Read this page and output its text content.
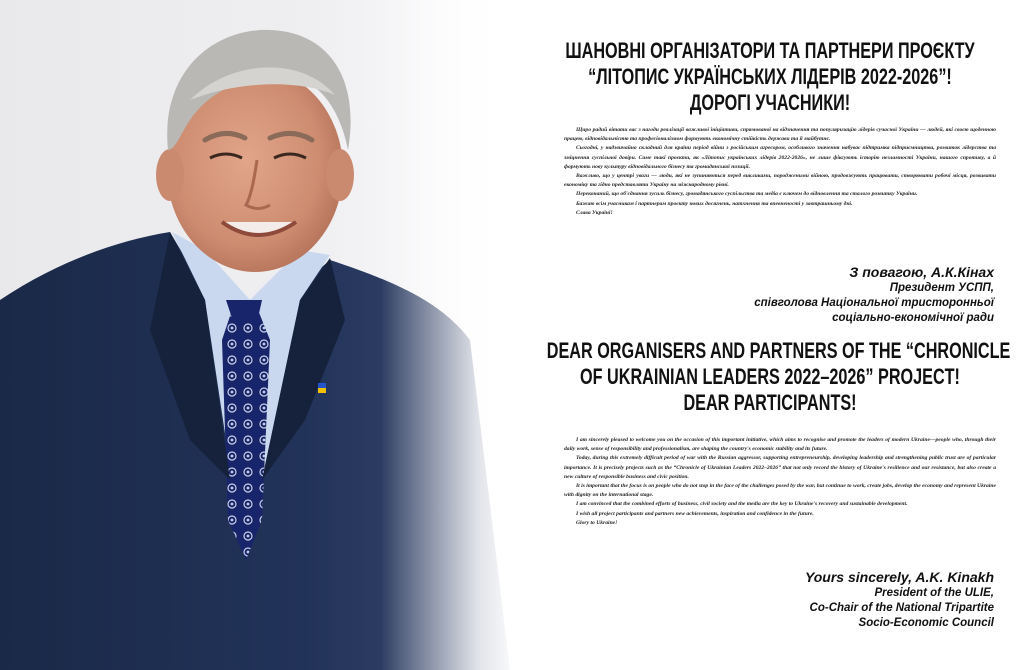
ШАНОВНІ ОРГАНІЗАТОРИ ТА ПАРТНЕРИ ПРОЄКТУ
“ЛІТОПИС УКРАЇНСЬКИХ ЛІДЕРІВ 2022-2026”!
ДОРОГІ УЧАСНИКИ!

Щиро радий вітати вас з нагоди реалізації важливої ініціативи, спрямованої на відзначення та популяризацію лідерів сучасної України — людей, які своєю щоденною працею, відповідальністю та професіоналізмом формують економічну стійкість держави та її майбутнє.

Сьогодні, у надзвичайно складний для країни період війни з російським агресором, особливого значення набуває підтримка підприємництва, розвиток лідерства та зміцнення суспільної довіри. Саме такі проєкти, як «Літопис українських лідерів 2022-2026», не лише фіксують історію незламності України, нашого спротиву, а й формують нову культуру відповідального бізнесу та громадянської позиції.

Важливо, що у центрі уваги — люди, які не зупиняються перед викликами, породженими війною, продовжують працювати, створювати робочі місця, розвивати економіку та гідно представляти Україну на міжнародному рівні.

Переконаний, що об'єднання зусиль бізнесу, громадянського суспільства та медіа є ключем до відновлення та сталого розвитку України.

Бажаю всім учасникам і партнерам проєкту нових досягнень, натхнення та впевненості у завтрашньому дні.

Слава Україні!

З повагою, А.К.Кінах
Президент УСПП,
співголова Національної тристоронньої
соціально-економічної ради
DEAR ORGANISERS AND PARTNERS OF THE “CHRONICLE
OF UKRAINIAN LEADERS 2022–2026” PROJECT!
DEAR PARTICIPANTS!

I am sincerely pleased to welcome you on the occasion of this important initiative, which aims to recognise and promote the leaders of modern Ukraine—people who, through their daily work, sense of responsibility and professionalism, are shaping the country's economic stability and its future.

Today, during this extremely difficult period of war with the Russian aggressor, supporting entrepreneurship, developing leadership and strengthening public trust are of particular importance. It is precisely projects such as the “Chronicle of Ukrainian Leaders 2022–2026” that not only record the history of Ukraine's resilience and our resistance, but also create a new culture of responsible business and civic position.

It is important that the focus is on people who do not stop in the face of the challenges posed by the war, but continue to work, create jobs, develop the economy and represent Ukraine with dignity on the international stage.

I am convinced that the combined efforts of business, civil society and the media are the key to Ukraine's recovery and sustainable development.

I wish all project participants and partners new achievements, inspiration and confidence in the future.

Glory to Ukraine!

Yours sincerely, A.K. Kinakh
President of the ULIE,
Co-Chair of the National Tripartite
Socio-Economic Council
